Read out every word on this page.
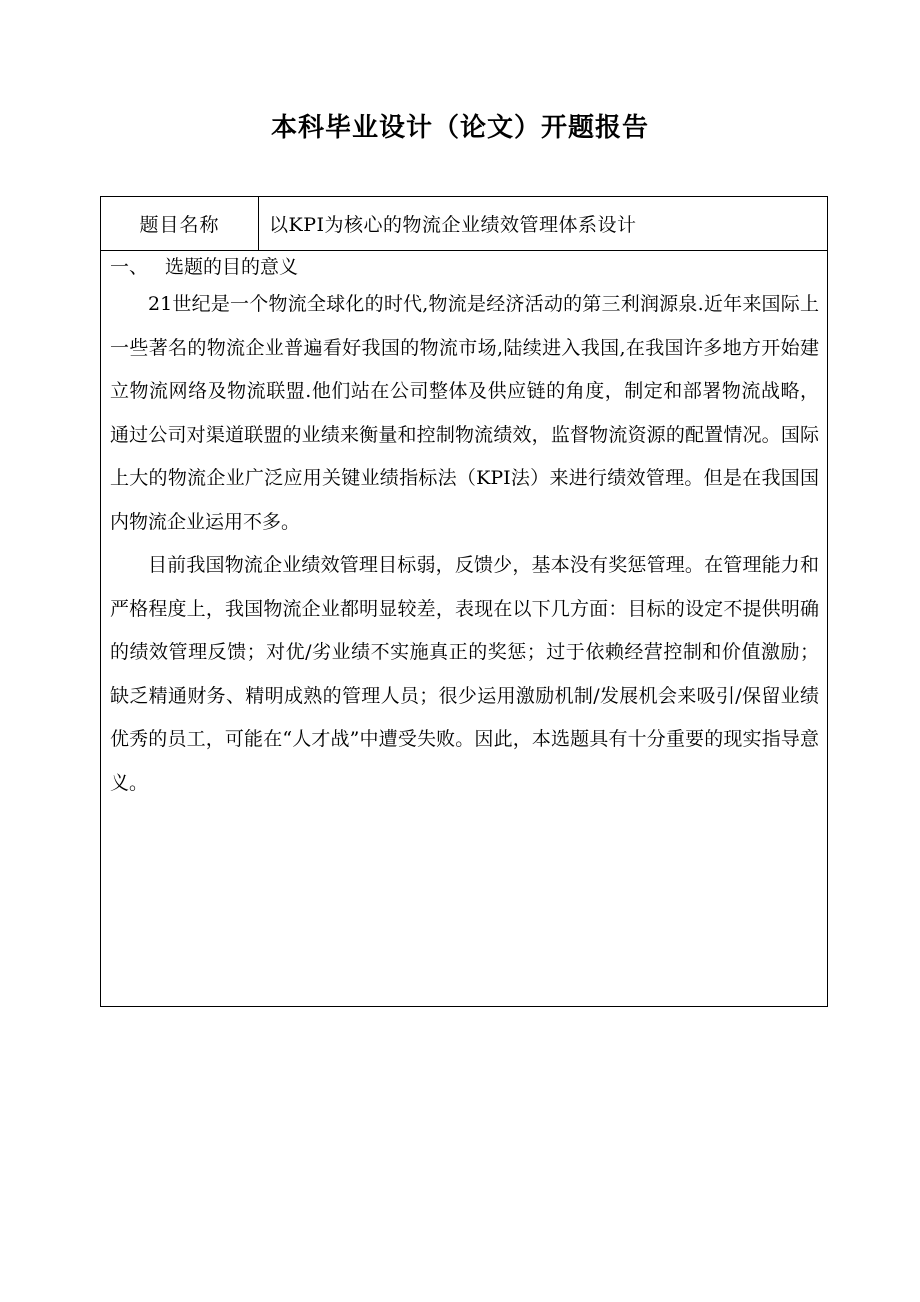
本科毕业设计（论文）开题报告
题目名称	以KPI为核心的物流企业绩效管理体系设计
一、 选题的目的意义

21世纪是一个物流全球化的时代,物流是经济活动的第三利润源泉.近年来国际上一些著名的物流企业普遍看好我国的物流市场,陆续进入我国,在我国许多地方开始建立物流网络及物流联盟.他们站在公司整体及供应链的角度，制定和部署物流战略，通过公司对渠道联盟的业绩来衡量和控制物流绩效，监督物流资源的配置情况。国际上大的物流企业广泛应用关键业绩指标法（KPI法）来进行绩效管理。但是在我国国内物流企业运用不多。

目前我国物流企业绩效管理目标弱，反馈少，基本没有奖惩管理。在管理能力和严格程度上，我国物流企业都明显较差，表现在以下几方面：目标的设定不提供明确的绩效管理反馈；对优/劣业绩不实施真正的奖惩；过于依赖经营控制和价值激励；缺乏精通财务、精明成熟的管理人员；很少运用激励机制/发展机会来吸引/保留业绩优秀的员工，可能在“人才战”中遭受失败。因此，本选题具有十分重要的现实指导意义。
